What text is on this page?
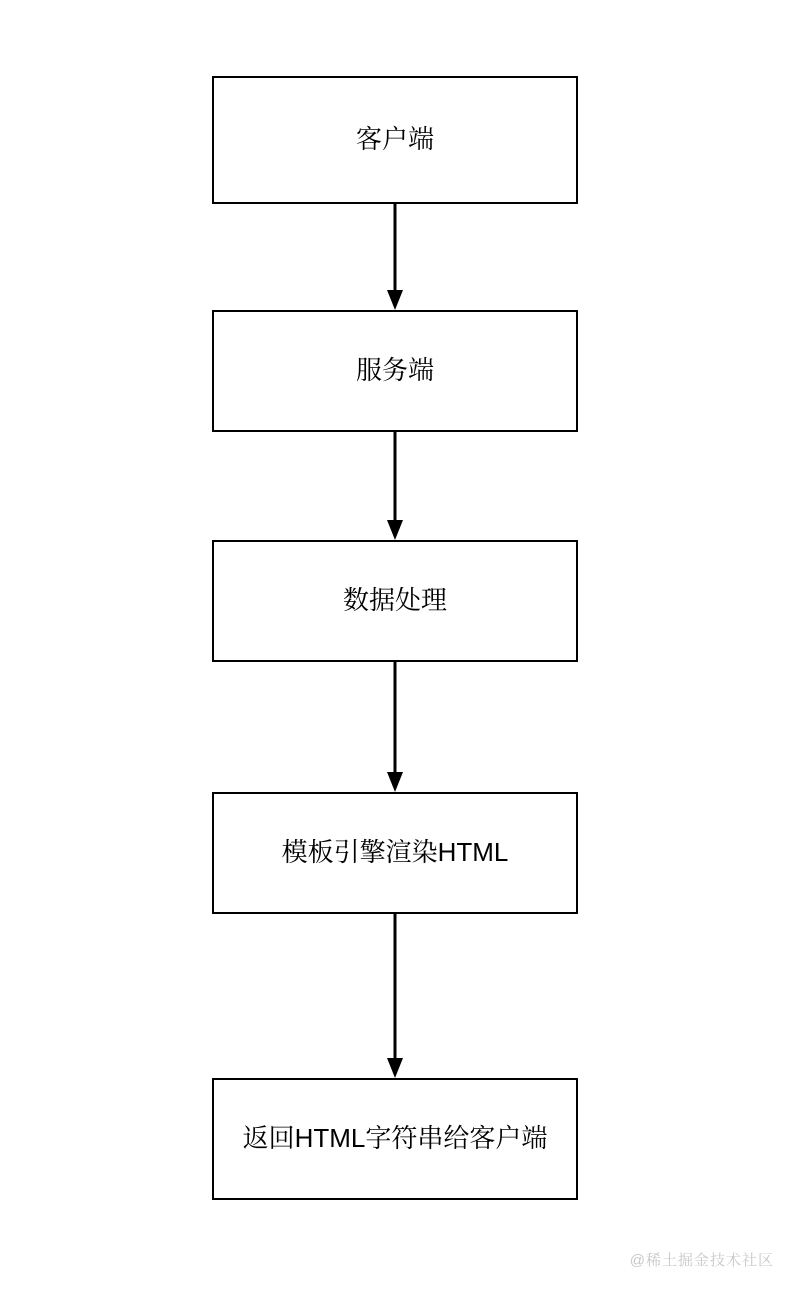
客户端
服务端
数据处理
模板引擎渲染HTML
返回HTML字符串给客户端
@稀土掘金技术社区
